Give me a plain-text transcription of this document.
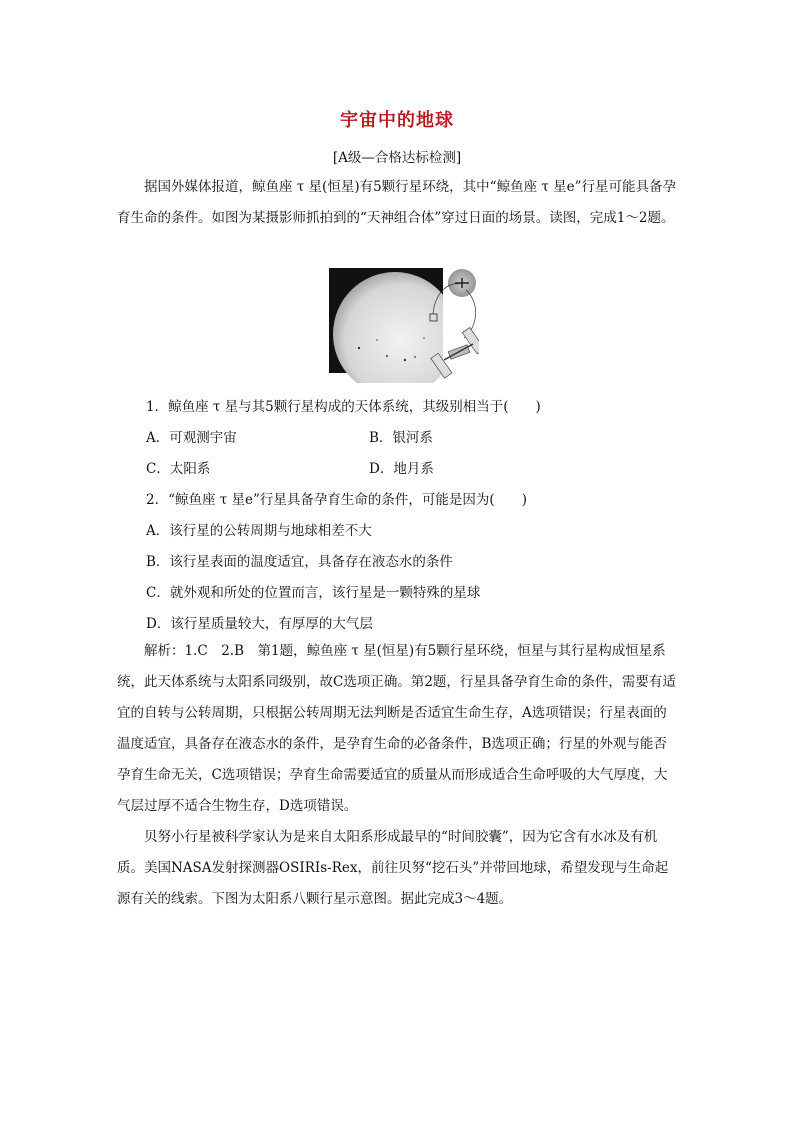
宇宙中的地球
[A级—合格达标检测]

据国外媒体报道，鲸鱼座 τ 星(恒星)有5颗行星环绕，其中“鲸鱼座 τ 星e”行星可能具备孕育生命的条件。如图为某摄影师抓拍到的“天神组合体”穿过日面的场景。读图，完成1～2题。

1．鲸鱼座 τ 星与其5颗行星构成的天体系统，其级别相当于(　　)
A．可观测宇宙	B．银河系
C．太阳系	D．地月系
2．“鲸鱼座 τ 星e”行星具备孕育生命的条件，可能是因为(　　)
A．该行星的公转周期与地球相差不大
B．该行星表面的温度适宜，具备存在液态水的条件
C．就外观和所处的位置而言，该行星是一颗特殊的星球
D．该行星质量较大，有厚厚的大气层

解析：1.C　2.B　第1题，鲸鱼座 τ 星(恒星)有5颗行星环绕，恒星与其行星构成恒星系统，此天体系统与太阳系同级别，故C选项正确。第2题，行星具备孕育生命的条件，需要有适宜的自转与公转周期，只根据公转周期无法判断是否适宜生命生存，A选项错误；行星表面的温度适宜，具备存在液态水的条件，是孕育生命的必备条件，B选项正确；行星的外观与能否孕育生命无关，C选项错误；孕育生命需要适宜的质量从而形成适合生命呼吸的大气厚度，大气层过厚不适合生物生存，D选项错误。

贝努小行星被科学家认为是来自太阳系形成最早的“时间胶囊”，因为它含有水冰及有机质。美国NASA发射探测器OSIRIs-Rex，前往贝努“挖石头”并带回地球，希望发现与生命起源有关的线索。下图为太阳系八颗行星示意图。据此完成3～4题。
